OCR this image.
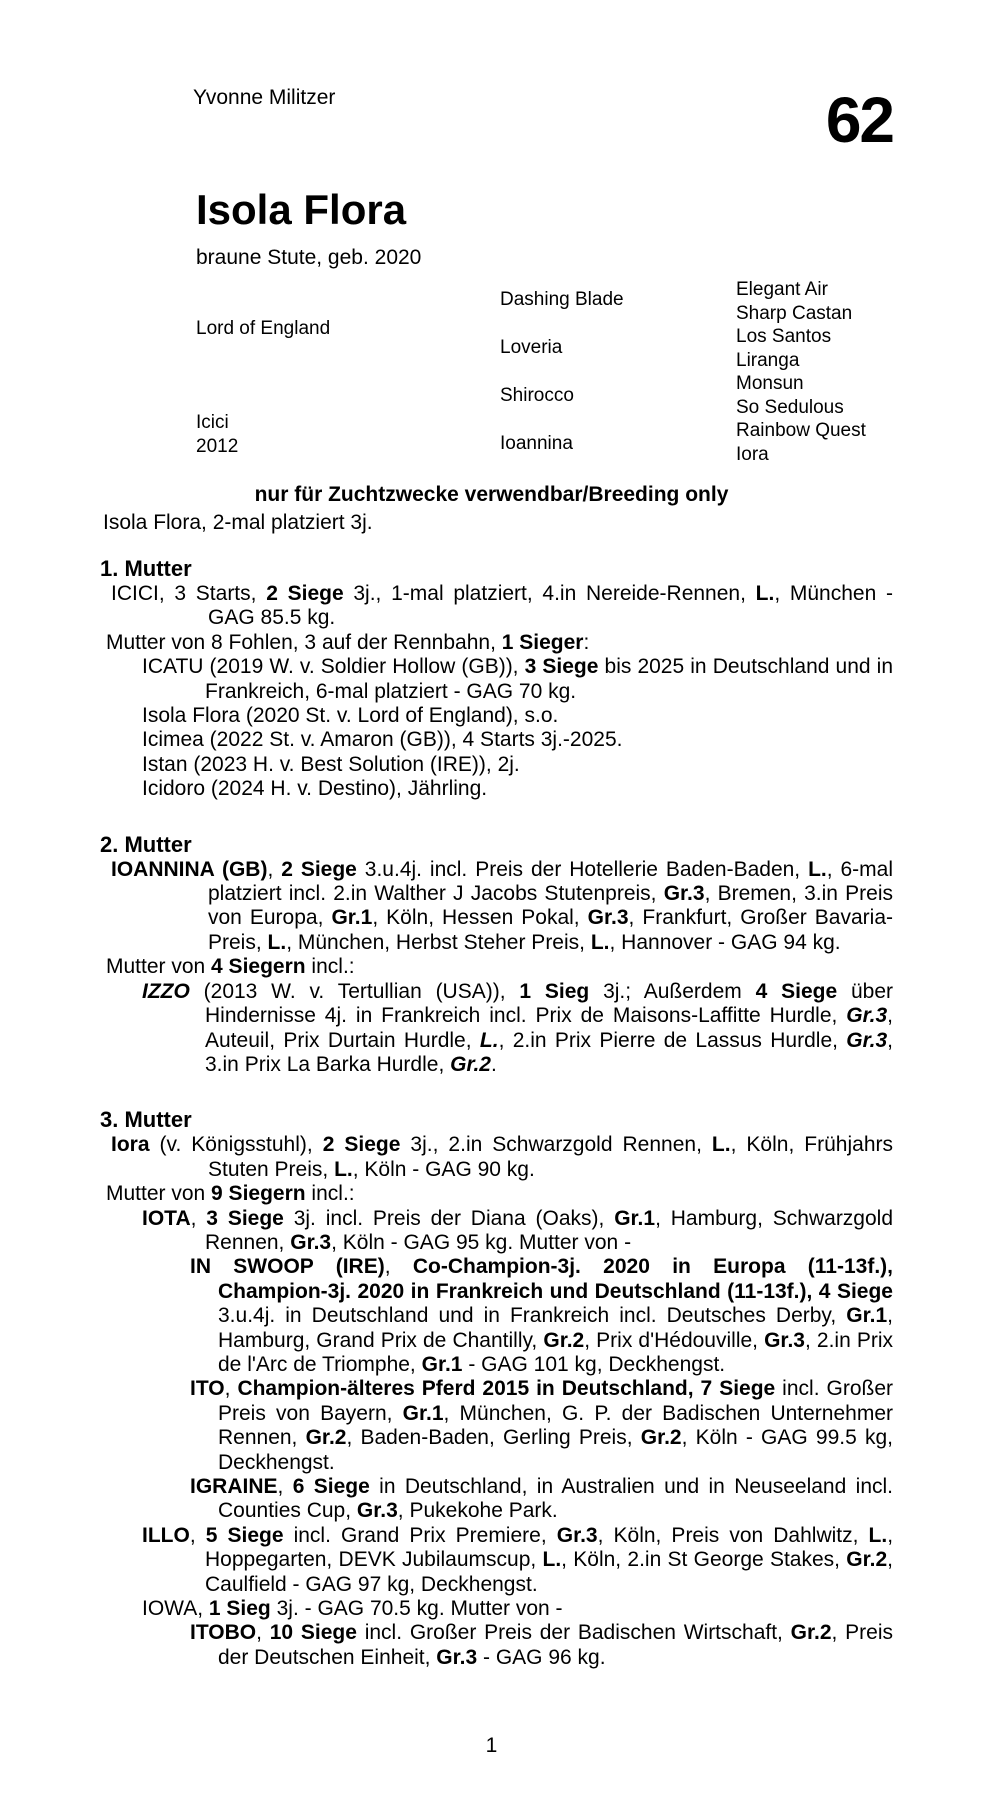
Yvonne Militzer	62
Isola Flora
braune Stute, geb. 2020
Lord of England
Icici
2012
Dashing Blade
Loveria
Shirocco
Ioannina
Elegant Air
Sharp Castan
Los Santos
Liranga
Monsun
So Sedulous
Rainbow Quest
Iora
nur für Zuchtzwecke verwendbar/Breeding only
Isola Flora, 2-mal platziert 3j.
1. Mutter
ICICI, 3 Starts, 2 Siege 3j., 1-mal platziert, 4.in Nereide-Rennen, L., München - GAG 85.5 kg.
Mutter von 8 Fohlen, 3 auf der Rennbahn, 1 Sieger:
ICATU (2019 W. v. Soldier Hollow (GB)), 3 Siege bis 2025 in Deutschland und in Frankreich, 6-mal platziert - GAG 70 kg.
Isola Flora (2020 St. v. Lord of England), s.o.
Icimea (2022 St. v. Amaron (GB)), 4 Starts 3j.-2025.
Istan (2023 H. v. Best Solution (IRE)), 2j.
Icidoro (2024 H. v. Destino), Jährling.
2. Mutter
IOANNINA (GB), 2 Siege 3.u.4j. incl. Preis der Hotellerie Baden-Baden, L., 6-mal platziert incl. 2.in Walther J Jacobs Stutenpreis, Gr.3, Bremen, 3.in Preis von Europa, Gr.1, Köln, Hessen Pokal, Gr.3, Frankfurt, Großer Bavaria-Preis, L., München, Herbst Steher Preis, L., Hannover - GAG 94 kg.
Mutter von 4 Siegern incl.:
IZZO (2013 W. v. Tertullian (USA)), 1 Sieg 3j.; Außerdem 4 Siege über Hindernisse 4j. in Frankreich incl. Prix de Maisons-Laffitte Hurdle, Gr.3, Auteuil, Prix Durtain Hurdle, L., 2.in Prix Pierre de Lassus Hurdle, Gr.3, 3.in Prix La Barka Hurdle, Gr.2.
3. Mutter
Iora (v. Königsstuhl), 2 Siege 3j., 2.in Schwarzgold Rennen, L., Köln, Frühjahrs Stuten Preis, L., Köln - GAG 90 kg.
Mutter von 9 Siegern incl.:
IOTA, 3 Siege 3j. incl. Preis der Diana (Oaks), Gr.1, Hamburg, Schwarzgold Rennen, Gr.3, Köln - GAG 95 kg. Mutter von -
IN SWOOP (IRE), Co-Champion-3j. 2020 in Europa (11-13f.), Champion-3j. 2020 in Frankreich und Deutschland (11-13f.), 4 Siege 3.u.4j. in Deutschland und in Frankreich incl. Deutsches Derby, Gr.1, Hamburg, Grand Prix de Chantilly, Gr.2, Prix d'Hédouville, Gr.3, 2.in Prix de l'Arc de Triomphe, Gr.1 - GAG 101 kg, Deckhengst.
ITO, Champion-älteres Pferd 2015 in Deutschland, 7 Siege incl. Großer Preis von Bayern, Gr.1, München, G. P. der Badischen Unternehmer Rennen, Gr.2, Baden-Baden, Gerling Preis, Gr.2, Köln - GAG 99.5 kg, Deckhengst.
IGRAINE, 6 Siege in Deutschland, in Australien und in Neuseeland incl. Counties Cup, Gr.3, Pukekohe Park.
ILLO, 5 Siege incl. Grand Prix Premiere, Gr.3, Köln, Preis von Dahlwitz, L., Hoppegarten, DEVK Jubilaumscup, L., Köln, 2.in St George Stakes, Gr.2, Caulfield - GAG 97 kg, Deckhengst.
IOWA, 1 Sieg 3j. - GAG 70.5 kg. Mutter von -
ITOBO, 10 Siege incl. Großer Preis der Badischen Wirtschaft, Gr.2, Preis der Deutschen Einheit, Gr.3 - GAG 96 kg.
1
